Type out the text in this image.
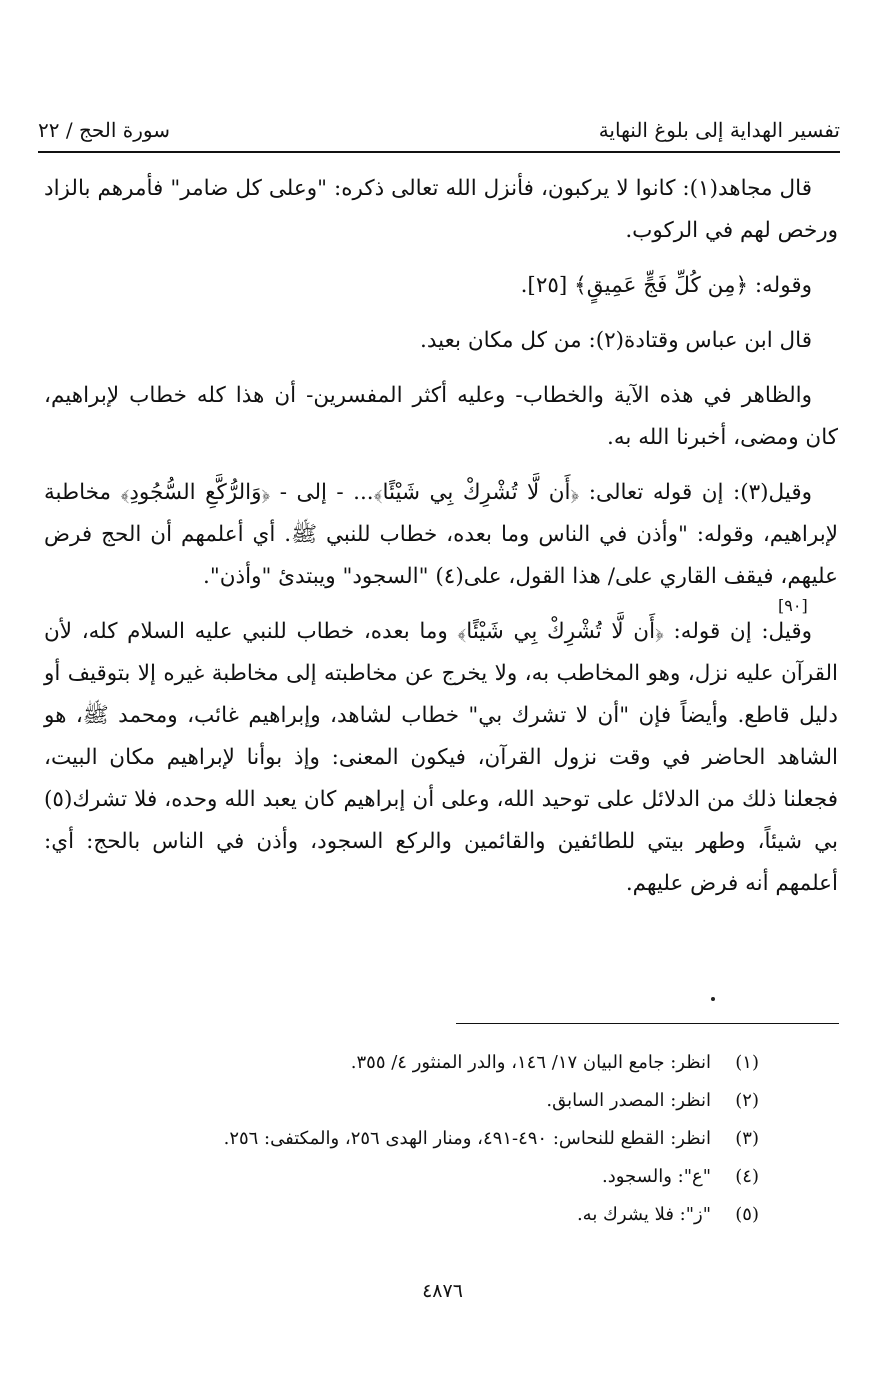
تفسير الهداية إلى بلوغ النهاية
سورة الحج / ٢٢

قال مجاهد(١): كانوا لا يركبون، فأنزل الله تعالى ذكره: "وعلى كل ضامر" فأمرهم بالزاد ورخص لهم في الركوب.

وقوله: ﴿مِن كُلِّ فَجٍّ عَمِيقٍ﴾ [٢٥].

قال ابن عباس وقتادة(٢): من كل مكان بعيد.

والظاهر في هذه الآية والخطاب- وعليه أكثر المفسرين- أن هذا كله خطاب لإبراهيم، كان ومضى، أخبرنا الله به.

وقيل(٣): إن قوله تعالى: ﴿أَن لَّا تُشْرِكْ بِي شَيْئًا﴾... - إلى - ﴿وَالرُّكَّعِ السُّجُودِ﴾ مخاطبة لإبراهيم، وقوله: "وأذن في الناس وما بعده، خطاب للنبي ﷺ. أي أعلمهم أن الحج فرض عليهم، فيقف القاري على/ هذا القول، على(٤) "السجود" ويبتدئ "وأذن".

وقيل: إن قوله: ﴿أَن لَّا تُشْرِكْ بِي شَيْئًا﴾ وما بعده، خطاب للنبي عليه السلام كله، لأن القرآن عليه نزل، وهو المخاطب به، ولا يخرج عن مخاطبته إلى مخاطبة غيره إلا بتوقيف أو دليل قاطع. وأيضاً فإن "أن لا تشرك بي" خطاب لشاهد، وإبراهيم غائب، ومحمد ﷺ، هو الشاهد الحاضر في وقت نزول القرآن، فيكون المعنى: وإذ بوأنا لإبراهيم مكان البيت، فجعلنا ذلك من الدلائل على توحيد الله، وعلى أن إبراهيم كان يعبد الله وحده، فلا تشرك(٥) بي شيئاً، وطهر بيتي للطائفين والقائمين والركع السجود، وأذن في الناس بالحج: أي: أعلمهم أنه فرض عليهم.

[٩٠]
(١)انظر: جامع البيان ١٧/ ١٤٦، والدر المنثور ٤/ ٣٥٥.
(٢)انظر: المصدر السابق.
(٣)انظر: القطع للنحاس: ٤٩٠-٤٩١، ومنار الهدى ٢٥٦، والمكتفى: ٢٥٦.
(٤)"ع": والسجود.
(٥)"ز": فلا يشرك به.
٤٨٧٦
